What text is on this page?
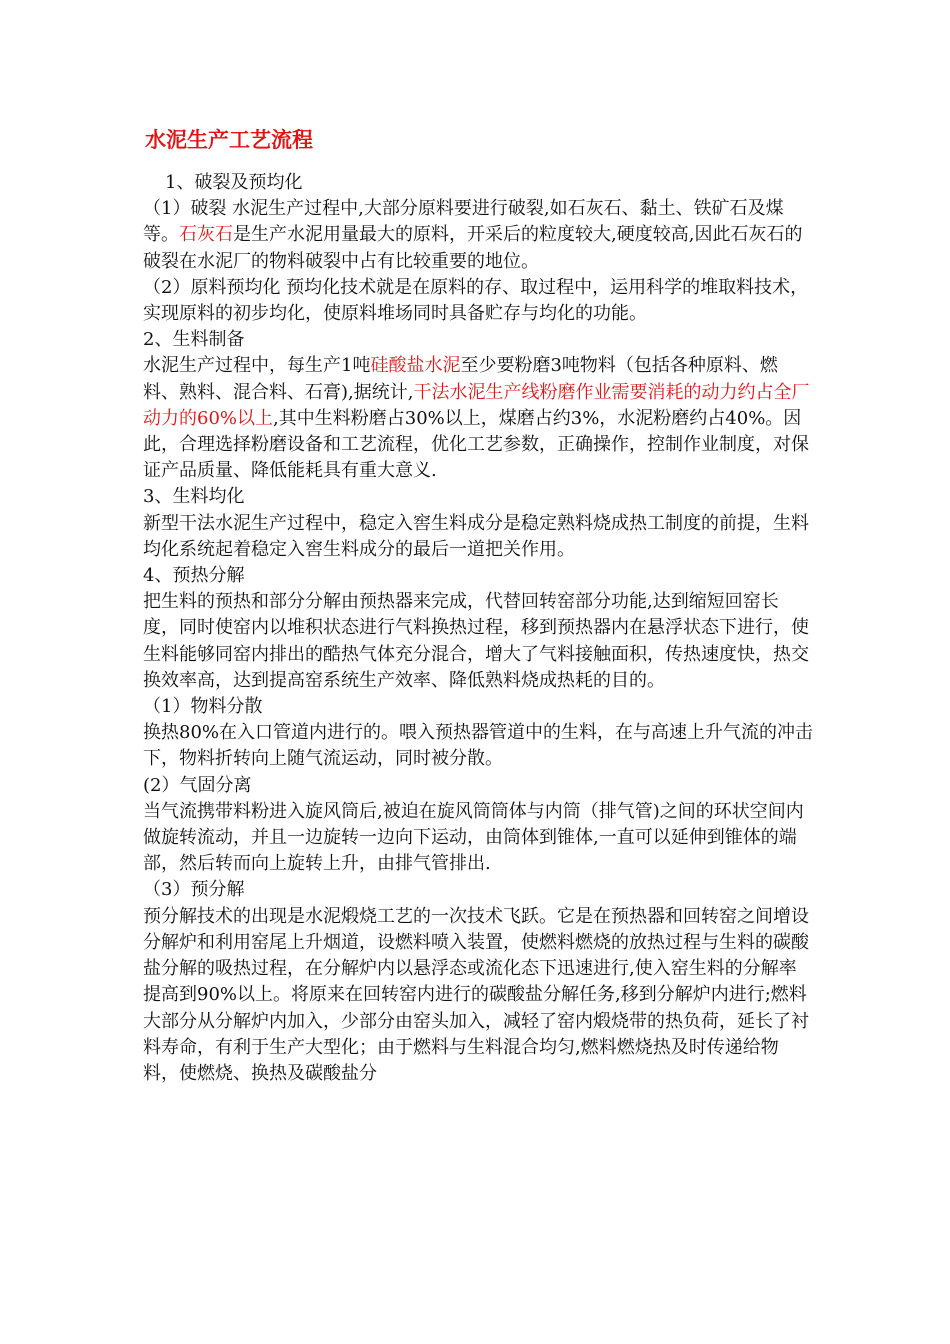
水泥生产工艺流程

1、破裂及预均化

（1）破裂 水泥生产过程中,大部分原料要进行破裂,如石灰石、黏土、铁矿石及煤等。石灰石是生产水泥用量最大的原料，开采后的粒度较大,硬度较高,因此石灰石的破裂在水泥厂的物料破裂中占有比较重要的地位。

（2）原料预均化 预均化技术就是在原料的存、取过程中，运用科学的堆取料技术，实现原料的初步均化，使原料堆场同时具备贮存与均化的功能。

2、生料制备

水泥生产过程中，每生产1吨硅酸盐水泥至少要粉磨3吨物料（包括各种原料、燃料、熟料、混合料、石膏),据统计,干法水泥生产线粉磨作业需要消耗的动力约占全厂动力的60%以上,其中生料粉磨占30%以上，煤磨占约3%，水泥粉磨约占40%。因此，合理选择粉磨设备和工艺流程，优化工艺参数，正确操作，控制作业制度，对保证产品质量、降低能耗具有重大意义.

3、生料均化

新型干法水泥生产过程中，稳定入窖生料成分是稳定熟料烧成热工制度的前提，生料均化系统起着稳定入窖生料成分的最后一道把关作用。

4、预热分解

把生料的预热和部分分解由预热器来完成，代替回转窑部分功能,达到缩短回窑长度，同时使窑内以堆积状态进行气料换热过程，移到预热器内在悬浮状态下进行，使生料能够同窑内排出的酷热气体充分混合，增大了气料接触面积，传热速度快，热交换效率高，达到提高窑系统生产效率、降低熟料烧成热耗的目的。

（1）物料分散

换热80%在入口管道内进行的。喂入预热器管道中的生料，在与高速上升气流的冲击下，物料折转向上随气流运动，同时被分散。

(2）气固分离

当气流携带料粉进入旋风筒后,被迫在旋风筒筒体与内筒（排气管)之间的环状空间内做旋转流动，并且一边旋转一边向下运动，由筒体到锥体,一直可以延伸到锥体的端部，然后转而向上旋转上升，由排气管排出.

（3）预分解

预分解技术的出现是水泥煅烧工艺的一次技术飞跃。它是在预热器和回转窑之间增设分解炉和利用窑尾上升烟道，设燃料喷入装置，使燃料燃烧的放热过程与生料的碳酸盐分解的吸热过程，在分解炉内以悬浮态或流化态下迅速进行,使入窑生料的分解率提高到90%以上。将原来在回转窑内进行的碳酸盐分解任务,移到分解炉内进行;燃料大部分从分解炉内加入，少部分由窑头加入，减轻了窑内煅烧带的热负荷，延长了衬料寿命，有利于生产大型化；由于燃料与生料混合均匀,燃料燃烧热及时传递给物料，使燃烧、换热及碳酸盐分
